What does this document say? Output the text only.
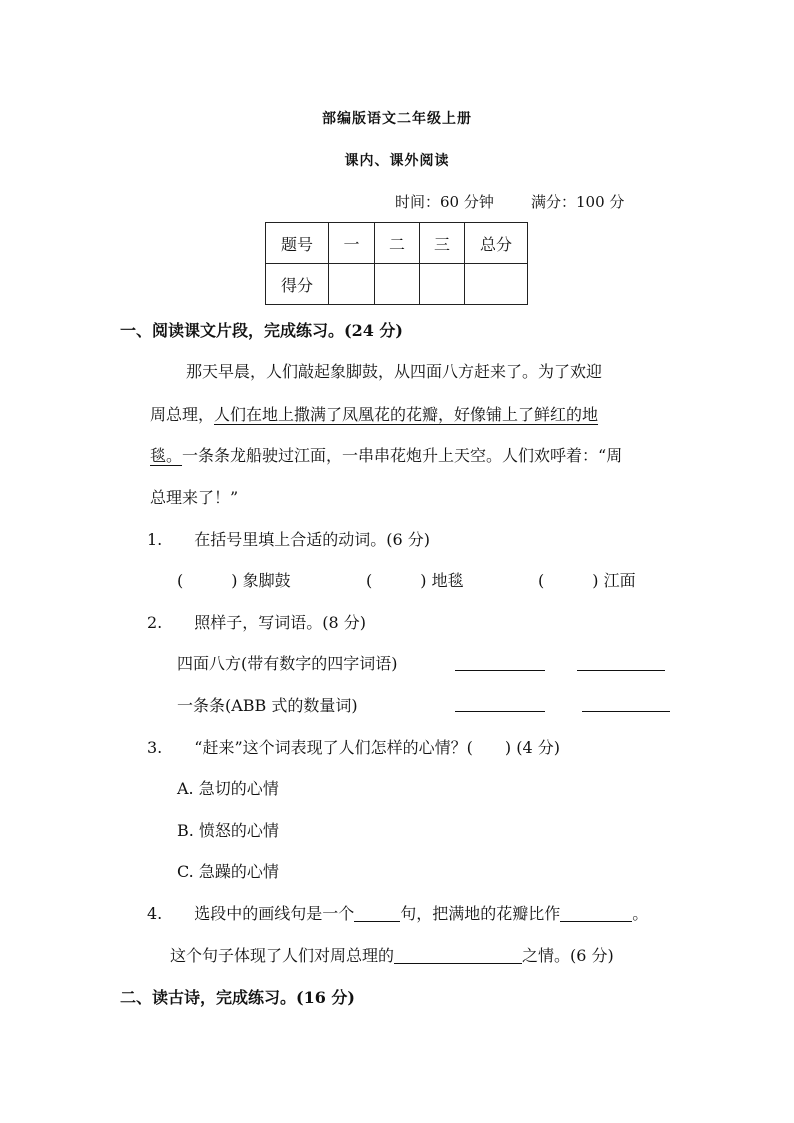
部编版语文二年级上册
课内、课外阅读
时间：60 分钟 满分：100 分
题号	一	二	三	总分
得分				
一、阅读课文片段，完成练习。(24 分)
那天早晨，人们敲起象脚鼓，从四面八方赶来了。为了欢迎
周总理，人们在地上撒满了凤凰花的花瓣，好像铺上了鲜红的地
毯。一条条龙船驶过江面，一串串花炮升上天空。人们欢呼着：“周
总理来了！”
1.　　在括号里填上合适的动词。(6 分)
(　　　) 象脚鼓	(　　　) 地毯	(　　　) 江面
2.　　照样子，写词语。(8 分)
四面八方(带有数字的四字词语)
一条条(ABB 式的数量词)
3.　　“赶来”这个词表现了人们怎样的心情？(　　) (4 分)
A. 急切的心情
B. 愤怒的心情
C. 急躁的心情
4.　　选段中的画线句是一个	句，把满地的花瓣比作	。
这个句子体现了人们对周总理的	之情。(6 分)
二、读古诗，完成练习。(16 分)
